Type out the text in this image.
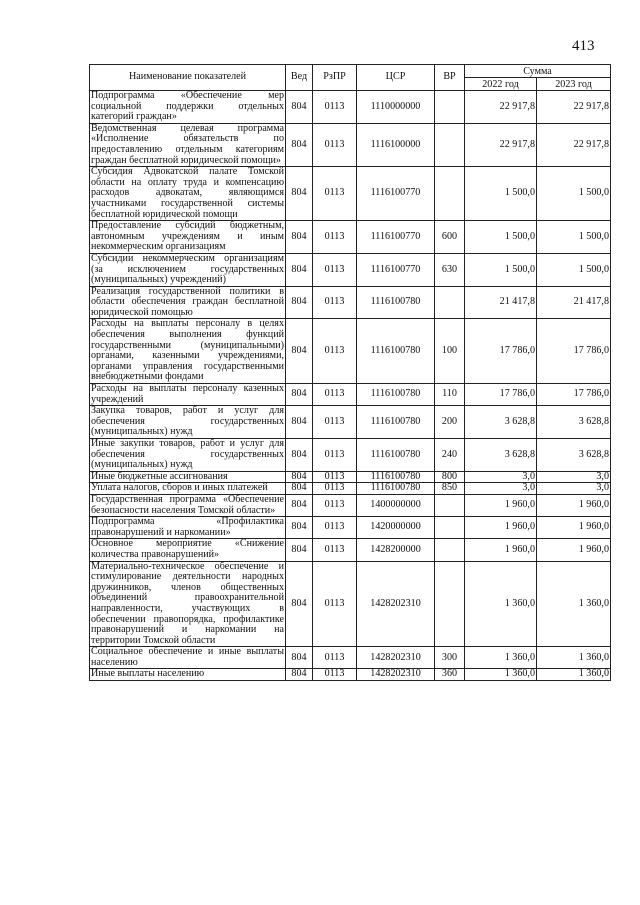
413
Наименование показателей	Вед	РзПР	ЦСР	ВР	Сумма	
					2022 год	2023 год
Подпрограмма «Обеспечение мер социальной поддержки отдельных категорий граждан»	804	0113	1110000000		22 917,8	22 917,8
Ведомственная целевая программа «Исполнение обязательств по предоставлению отдельным категориям граждан бесплатной юридической помощи»	804	0113	1116100000		22 917,8	22 917,8
Субсидия Адвокатской палате Томской области на оплату труда и компенсацию расходов адвокатам, являющимся участниками государственной системы бесплатной юридической помощи	804	0113	1116100770		1 500,0	1 500,0
Предоставление субсидий бюджетным, автономным учреждениям и иным некоммерческим организациям	804	0113	1116100770	600	1 500,0	1 500,0
Субсидии некоммерческим организациям (за исключением государственных (муниципальных) учреждений)	804	0113	1116100770	630	1 500,0	1 500,0
Реализация государственной политики в области обеспечения граждан бесплатной юридической помощью	804	0113	1116100780		21 417,8	21 417,8
Расходы на выплаты персоналу в целях обеспечения выполнения функций государственными (муниципальными) органами, казенными учреждениями, органами управления государственными внебюджетными фондами	804	0113	1116100780	100	17 786,0	17 786,0
Расходы на выплаты персоналу казенных учреждений	804	0113	1116100780	110	17 786,0	17 786,0
Закупка товаров, работ и услуг для обеспечения государственных (муниципальных) нужд	804	0113	1116100780	200	3 628,8	3 628,8
Иные закупки товаров, работ и услуг для обеспечения государственных (муниципальных) нужд	804	0113	1116100780	240	3 628,8	3 628,8
Иные бюджетные ассигнования	804	0113	1116100780	800	3,0	3,0
Уплата налогов, сборов и иных платежей	804	0113	1116100780	850	3,0	3,0
Государственная программа «Обеспечение безопасности населения Томской области»	804	0113	1400000000		1 960,0	1 960,0
Подпрограмма «Профилактика правонарушений и наркомании»	804	0113	1420000000		1 960,0	1 960,0
Основное мероприятие «Снижение количества правонарушений»	804	0113	1428200000		1 960,0	1 960,0
Материально-техническое обеспечение и стимулирование деятельности народных дружинников, членов общественных объединений правоохранительной направленности, участвующих в обеспечении правопорядка, профилактике правонарушений и наркомании на территории Томской области	804	0113	1428202310		1 360,0	1 360,0
Социальное обеспечение и иные выплаты населению	804	0113	1428202310	300	1 360,0	1 360,0
Иные выплаты населению	804	0113	1428202310	360	1 360,0	1 360,0
